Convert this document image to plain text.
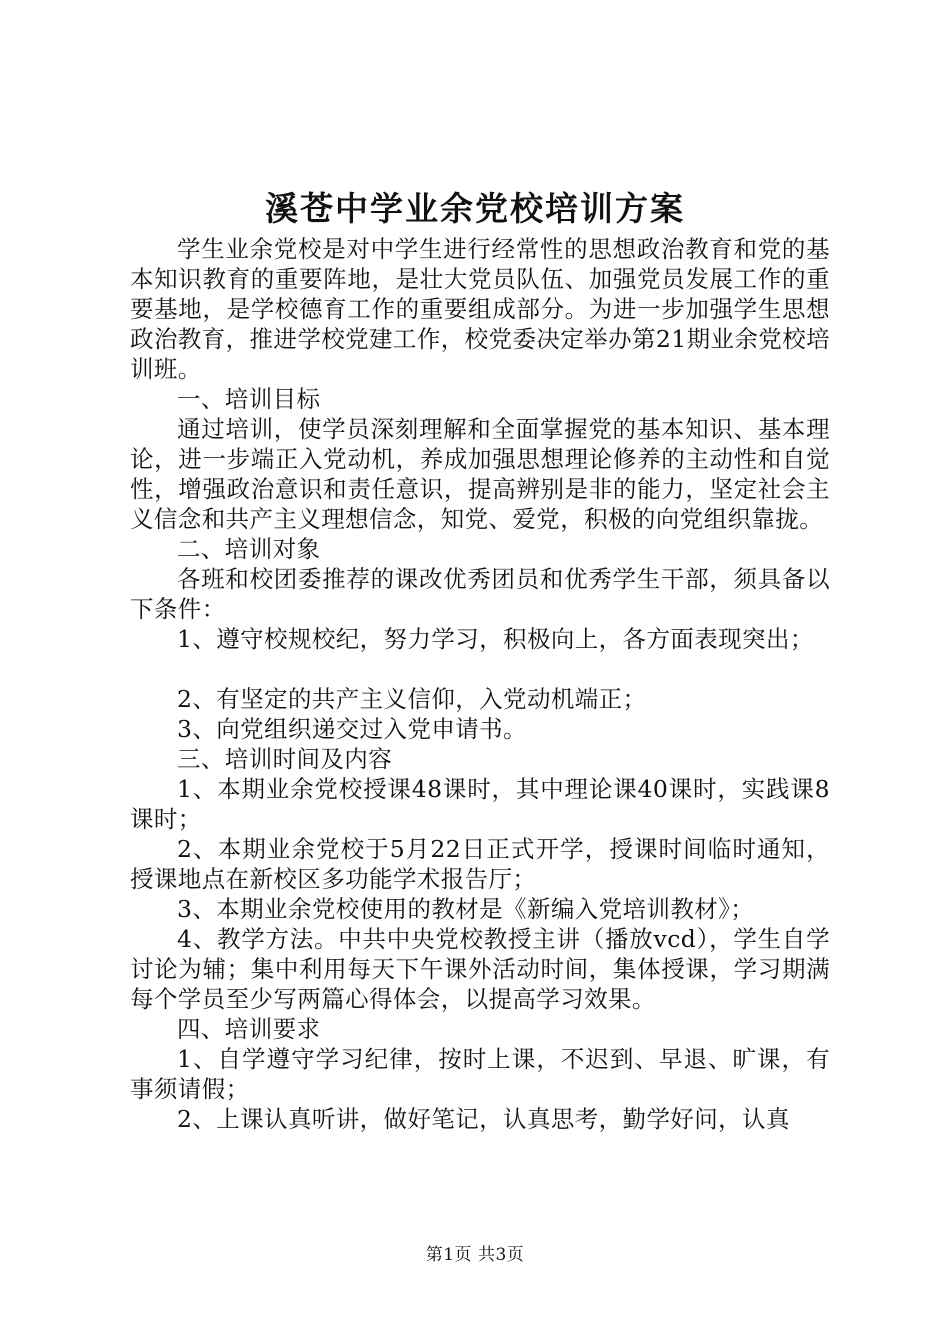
溪苍中学业余党校培训方案

学生业余党校是对中学生进行经常性的思想政治教育和党的基本知识教育的重要阵地，是壮大党员队伍、加强党员发展工作的重要基地，是学校德育工作的重要组成部分。为进一步加强学生思想政治教育，推进学校党建工作，校党委决定举办第21期业余党校培训班。

一、培训目标

通过培训，使学员深刻理解和全面掌握党的基本知识、基本理论，进一步端正入党动机，养成加强思想理论修养的主动性和自觉性，增强政治意识和责任意识，提高辨别是非的能力，坚定社会主义信念和共产主义理想信念，知党、爱党，积极的向党组织靠拢。

二、培训对象

各班和校团委推荐的课改优秀团员和优秀学生干部，须具备以下条件：

1、遵守校规校纪，努力学习，积极向上，各方面表现突出；

2、有坚定的共产主义信仰，入党动机端正；

3、向党组织递交过入党申请书。

三、培训时间及内容

1、本期业余党校授课48课时，其中理论课40课时，实践课8课时；

2、本期业余党校于5月22日正式开学，授课时间临时通知，授课地点在新校区多功能学术报告厅；

3、本期业余党校使用的教材是《新编入党培训教材》；

4、教学方法。中共中央党校教授主讲（播放vcd），学生自学讨论为辅；集中利用每天下午课外活动时间，集体授课，学习期满每个学员至少写两篇心得体会，以提高学习效果。

四、培训要求

1、自学遵守学习纪律，按时上课，不迟到、早退、旷课，有事须请假；

2、上课认真听讲，做好笔记，认真思考，勤学好问，认真

第1页 共3页
